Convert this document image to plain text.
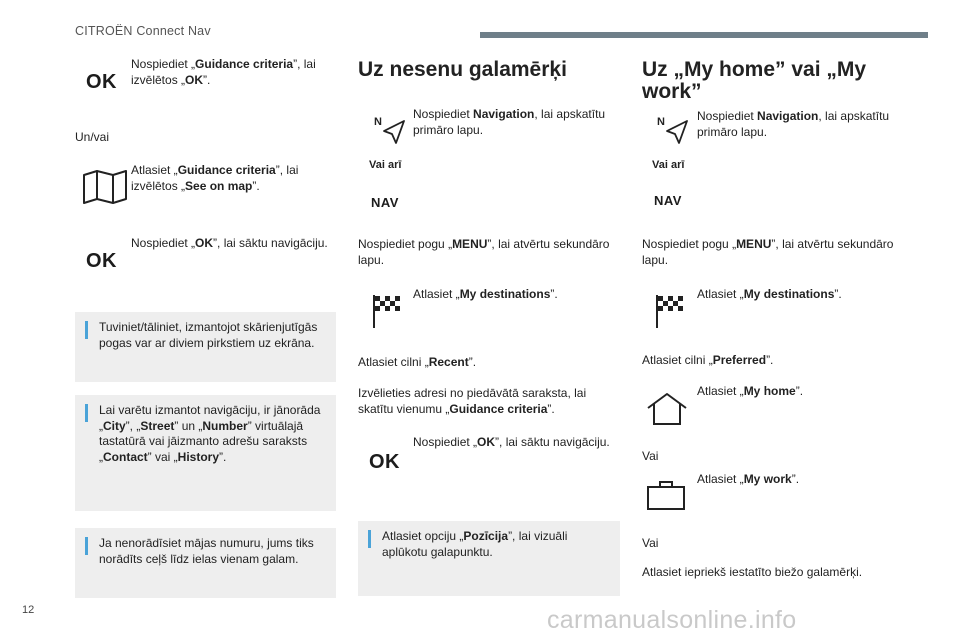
CITROËN Connect Nav
OK
Nospiediet „Guidance criteria”, lai izvēlētos „OK”.
Un/vai
Atlasiet „Guidance criteria”, lai izvēlētos „See on map”.
OK
Nospiediet „OK”, lai sāktu navigāciju.
Tuviniet/tāliniet, izmantojot skārienjutīgās pogas var ar diviem pirkstiem uz ekrāna.
Lai varētu izmantot navigāciju, ir jānorāda „City”, „Street” un „Number” virtuālajā tastatūrā vai jāizmanto adrešu saraksts „Contact” vai „History”.
Ja nenorādīsiet mājas numuru, jums tiks norādīts ceļš līdz ielas vienam galam.
Uz nesenu galamērķi
N
Vai arī
NAV
Nospiediet Navigation, lai apskatītu primāro lapu.
Nospiediet pogu „MENU”, lai atvērtu sekundāro lapu.
Atlasiet „My destinations”.
Atlasiet cilni „Recent”.
Izvēlieties adresi no piedāvātā saraksta, lai skatītu vienumu „Guidance criteria”.
OK
Nospiediet „OK”, lai sāktu navigāciju.
Atlasiet opciju „Pozīcija”, lai vizuāli aplūkotu galapunktu.
Uz „My home” vai „My work”
N
Vai arī
NAV
Nospiediet Navigation, lai apskatītu primāro lapu.
Nospiediet pogu „MENU”, lai atvērtu sekundāro lapu.
Atlasiet „My destinations”.
Atlasiet cilni „Preferred”.
Atlasiet „My home”.
Vai
Atlasiet „My work”.
Vai
Atlasiet iepriekš iestatīto biežo galamērķi.
12	carmanualsonline.info
